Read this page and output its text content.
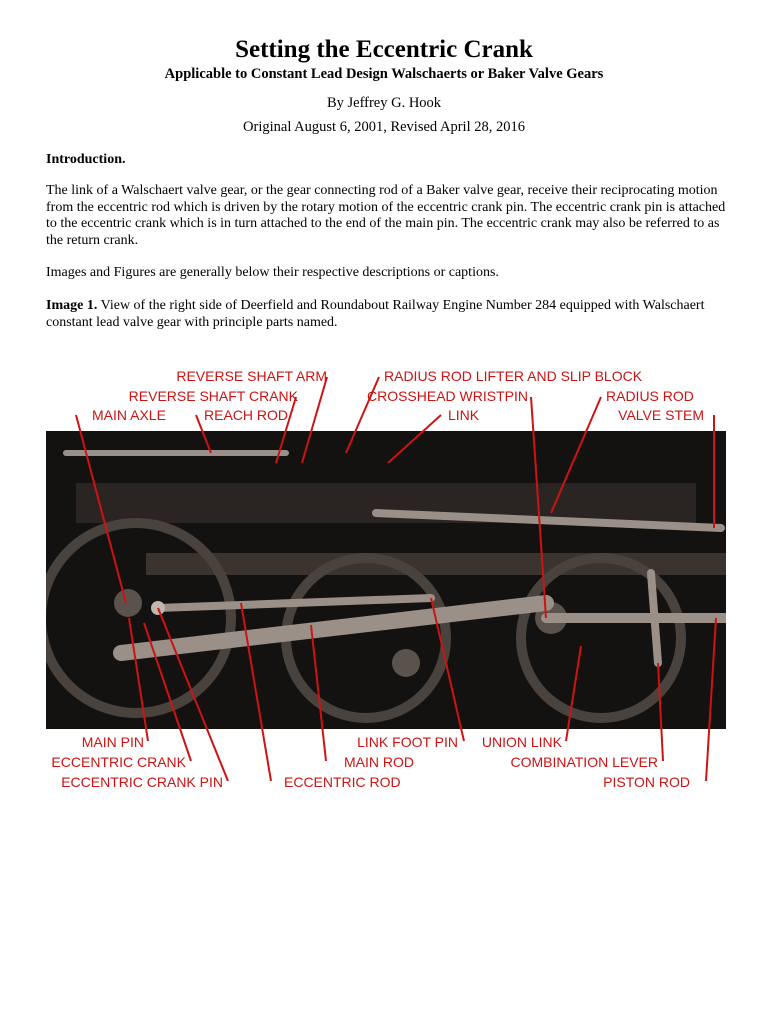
Setting the Eccentric Crank
Applicable to Constant Lead Design Walschaerts or Baker Valve Gears
By Jeffrey G. Hook
Original August 6, 2001, Revised April 28, 2016
Introduction.
The link of a Walschaert valve gear, or the gear connecting rod of a Baker valve gear, receive their reciprocating motion from the eccentric rod which is driven by the rotary motion of the eccentric crank pin. The eccentric crank pin is attached to the eccentric crank which is in turn attached to the end of the main pin. The eccentric crank may also be referred to as the return crank.
Images and Figures are generally below their respective descriptions or captions.
Image 1. View of the right side of Deerfield and Roundabout Railway Engine Number 284 equipped with Walschaert constant lead valve gear with principle parts named.
REVERSE SHAFT ARM	RADIUS ROD LIFTER AND SLIP BLOCK
REVERSE SHAFT CRANK	CROSSHEAD WRISTPIN	RADIUS ROD
MAIN AXLE	REACH ROD	LINK	VALVE STEM
MAIN PIN
ECCENTRIC CRANK
ECCENTRIC CRANK PIN	ECCENTRIC ROD
MAIN ROD
LINK FOOT PIN UNION LINK
COMBINATION LEVER
PISTON ROD
